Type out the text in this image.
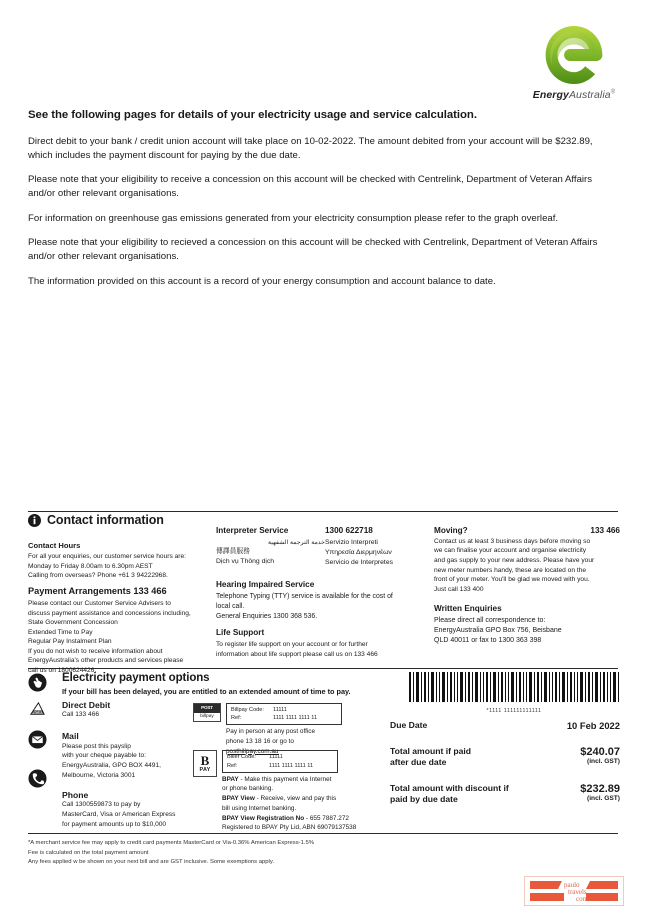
EnergyAustralia®
See the following pages for details of your electricity usage and service calculation.

Direct debit to your bank / credit union account will take place on 10-02-2022. The amount debited from your account will be $232.89, which includes the payment discount for paying by the due date.

Please note that your eligibility to receive a concession on this account will be checked with Centrelink, Department of Veteran Affairs and/or other relevant organisations.

For information on greenhouse gas emissions generated from your electricity consumption please refer to the graph overleaf.

Please note that your eligibility to recieved a concession on this account will be checked with Centrelink, Department of Veteran Affairs and/or other relevant organisations.

The information provided on this account is a record of your energy consumption and account balance to date.

Contact information
Contact Hours

For all your enquiries, our customer service hours are:

Monday to Friday 8.00am to 6.30pm AEST

Calling from overseas? Phone +61 3 94222968.

Payment Arrangements 133 466

Please contact our Customer Service Advisers to

discuss payment assistance and concessions including,

State Government Concession

Extended Time to Pay

Regular Pay Instalment Plan

If you do not wish to receive information about

EnergyAustralia's other products and services please

call us on 1800624426.

Interpreter Service

خدمة الترجمة الشفهية

傳譯員服務

Dịch vụ Thông dịch

1300 622718

Servizio Interpreti

Υπηρεσία Διερμηνέων

Servicio de Interpretes

Hearing Impaired Service

Telephone Typing (TTY) service is available for the cost of

local call.

General Enquiries 1300 368 536.

Life Support

To register life support on your account or for further

information about life support please call us on 133 466

Moving?	133 466

Contact us at least 3 business days before moving so

we can finalise your account and organise electricity

and gas supply to your new address. Please have your

new meter numbers handy, these are located on the

front of your meter. You'll be glad we moved with you.

Just call 133 400

Written Enquiries

Please direct all correspondence to:

EnergyAustralia GPO Box 756, Beisbane

QLD 40011 or fax to 1300 363 398

Electricity payment options
If your bill has been delayed, you are entitled to an extended amount of time to pay.
Direct Debit
Call 133 466
Mail
Please post this payslip
with your cheque payable to:
EnergyAustralia, GPO BOX 4491,
Melbourne, Victoria 3001
Phone
Call 1300559873 to pay by
MasterCard, Visa or American Express
for payment amounts up to $10,000
POST
billpay
Billpay Code:	11111
Ref:	1111 1111 1111 11
Pay in person at any post office
phone 13 18 16 or go to
posthillpay.com.au
B
PAY
Biller Code:	11111
Ref:	1111 1111 1111 11
BPAY - Make this payment via Internet
or phone banking.
BPAY View - Receive, view and pay this
bill using Internet banking.
BPAY View Registration No - 655 7887.272
Registered to BPAY Pty Lid, ABN 69079137538
*1111 111111111111
Due Date	10 Feb 2022
Total amount if paid
after due date
$240.07
(incl. GST)
Total amount with discount if
paid by due date
$232.89
(incl. GST)
*A merchant service fee may apply to credit card payments MasterCard or Via-0.36% American Express-1.5%
Fee is calculated on the total payment amount
Any fees applied w be shown on your next bill and are GST inclusive. Some exemptions apply.
paulo
travels.
com
